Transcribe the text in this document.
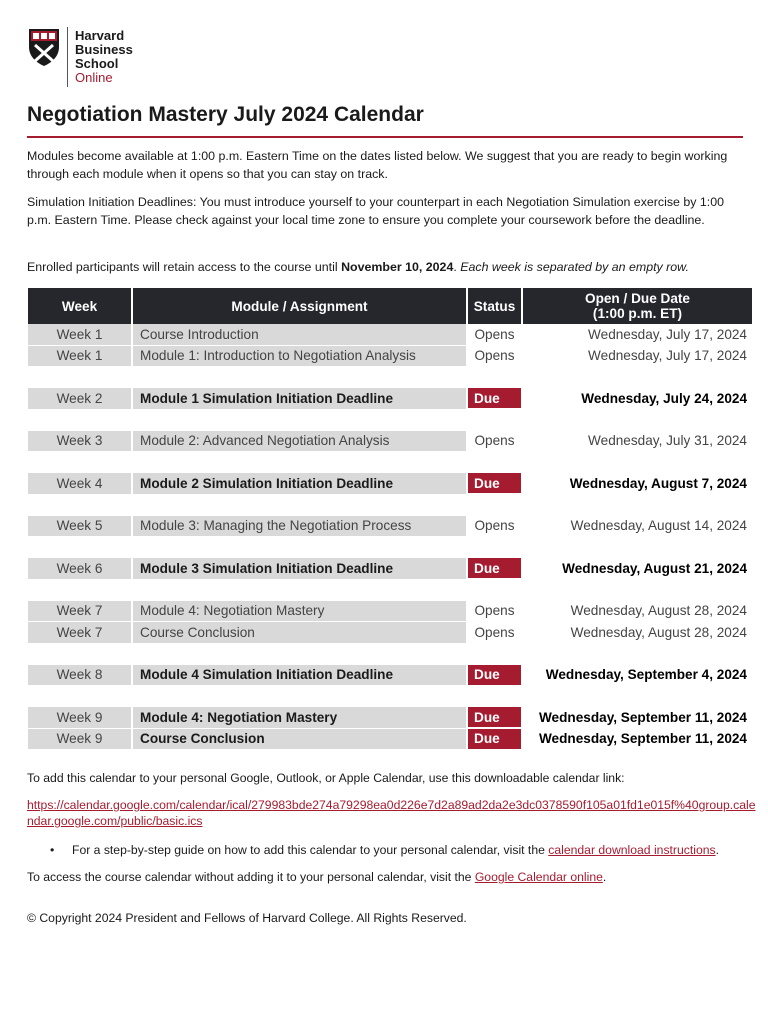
Harvard
Business
School
Online
Negotiation Mastery July 2024 Calendar

Modules become available at 1:00 p.m. Eastern Time on the dates listed below. We suggest that you are ready to begin working through each module when it opens so that you can stay on track.

Simulation Initiation Deadlines: You must introduce yourself to your counterpart in each Negotiation Simulation exercise by 1:00 p.m. Eastern Time. Please check against your local time zone to ensure you complete your coursework before the deadline.

Enrolled participants will retain access to the course until November 10, 2024. Each week is separated by an empty row.

Week	Module / Assignment	Status	Open / Due Date
(1:00 p.m. ET)
Week 1	Course Introduction	Opens	Wednesday, July 17, 2024
Week 1	Module 1: Introduction to Negotiation Analysis	Opens	Wednesday, July 17, 2024
Week 2	Module 1 Simulation Initiation Deadline	Due	Wednesday, July 24, 2024
Week 3	Module 2: Advanced Negotiation Analysis	Opens	Wednesday, July 31, 2024
Week 4	Module 2 Simulation Initiation Deadline	Due	Wednesday, August 7, 2024
Week 5	Module 3: Managing the Negotiation Process	Opens	Wednesday, August 14, 2024
Week 6	Module 3 Simulation Initiation Deadline	Due	Wednesday, August 21, 2024
Week 7	Module 4: Negotiation Mastery	Opens	Wednesday, August 28, 2024
Week 7	Course Conclusion	Opens	Wednesday, August 28, 2024
Week 8	Module 4 Simulation Initiation Deadline	Due	Wednesday, September 4, 2024
Week 9	Module 4: Negotiation Mastery	Due	Wednesday, September 11, 2024
Week 9	Course Conclusion	Due	Wednesday, September 11, 2024

To add this calendar to your personal Google, Outlook, or Apple Calendar, use this downloadable calendar link:

https://calendar.google.com/calendar/ical/279983bde274a79298ea0d226e7d2a89ad2da2e3dc0378590f105a01fd1e015f%40group.calendar.google.com/public/basic.ics

•	For a step-by-step guide on how to add this calendar to your personal calendar, visit the calendar download instructions.

To access the course calendar without adding it to your personal calendar, visit the Google Calendar online.

© Copyright 2024 President and Fellows of Harvard College. All Rights Reserved.
